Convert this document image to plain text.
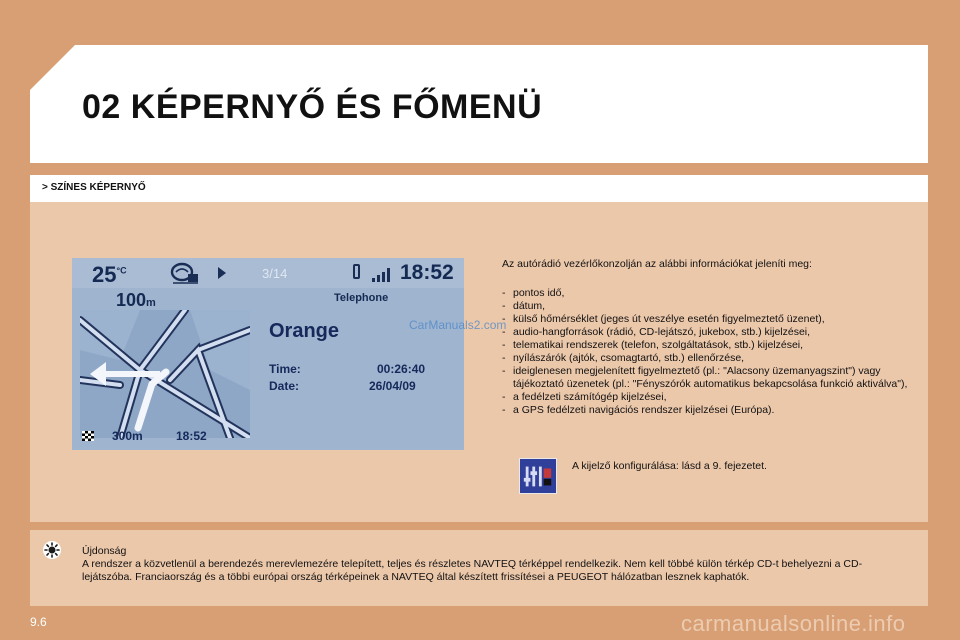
02 KÉPERNYŐ ÉS FŐMENÜ
> SZÍNES KÉPERNYŐ
$25^{^\circ C}$	3/14	18:52
100m	Telephone
Orange
Time:	00:26:40
Date:	26/04/09
300m	18:52
CarManuals2.com

Az autórádió vezérlőkonzolján az alábbi információkat jeleníti meg:

- pontos idő,
- dátum,
- külső hőmérséklet (jeges út veszélye esetén figyelmeztető üzenet),
- audio-hangforrások (rádió, CD-lejátszó, jukebox, stb.) kijelzései,
- telematikai rendszerek (telefon, szolgáltatások, stb.) kijelzései,
- nyílászárók (ajtók, csomagtartó, stb.) ellenőrzése,
- ideiglenesen megjelenített figyelmeztető (pl.: "Alacsony üzemanyagszint") vagy tájékoztató üzenetek (pl.: "Fényszórók automatikus bekapcsolása funkció aktiválva"),
- a fedélzeti számítógép kijelzései,
- a GPS fedélzeti navigációs rendszer kijelzései (Európa).
A kijelző konfigurálása: lásd a 9. fejezetet.
Újdonság

A rendszer a közvetlenül a berendezés merevlemezére telepített, teljes és részletes NAVTEQ térképpel rendelkezik. Nem kell többé külön térkép CD-t behelyezni a CD-lejátszóba. Franciaország és a többi európai ország térképeinek a NAVTEQ által készített frissítései a PEUGEOT hálózatban lesznek kaphatók.

9.6	carmanualsonline.info
